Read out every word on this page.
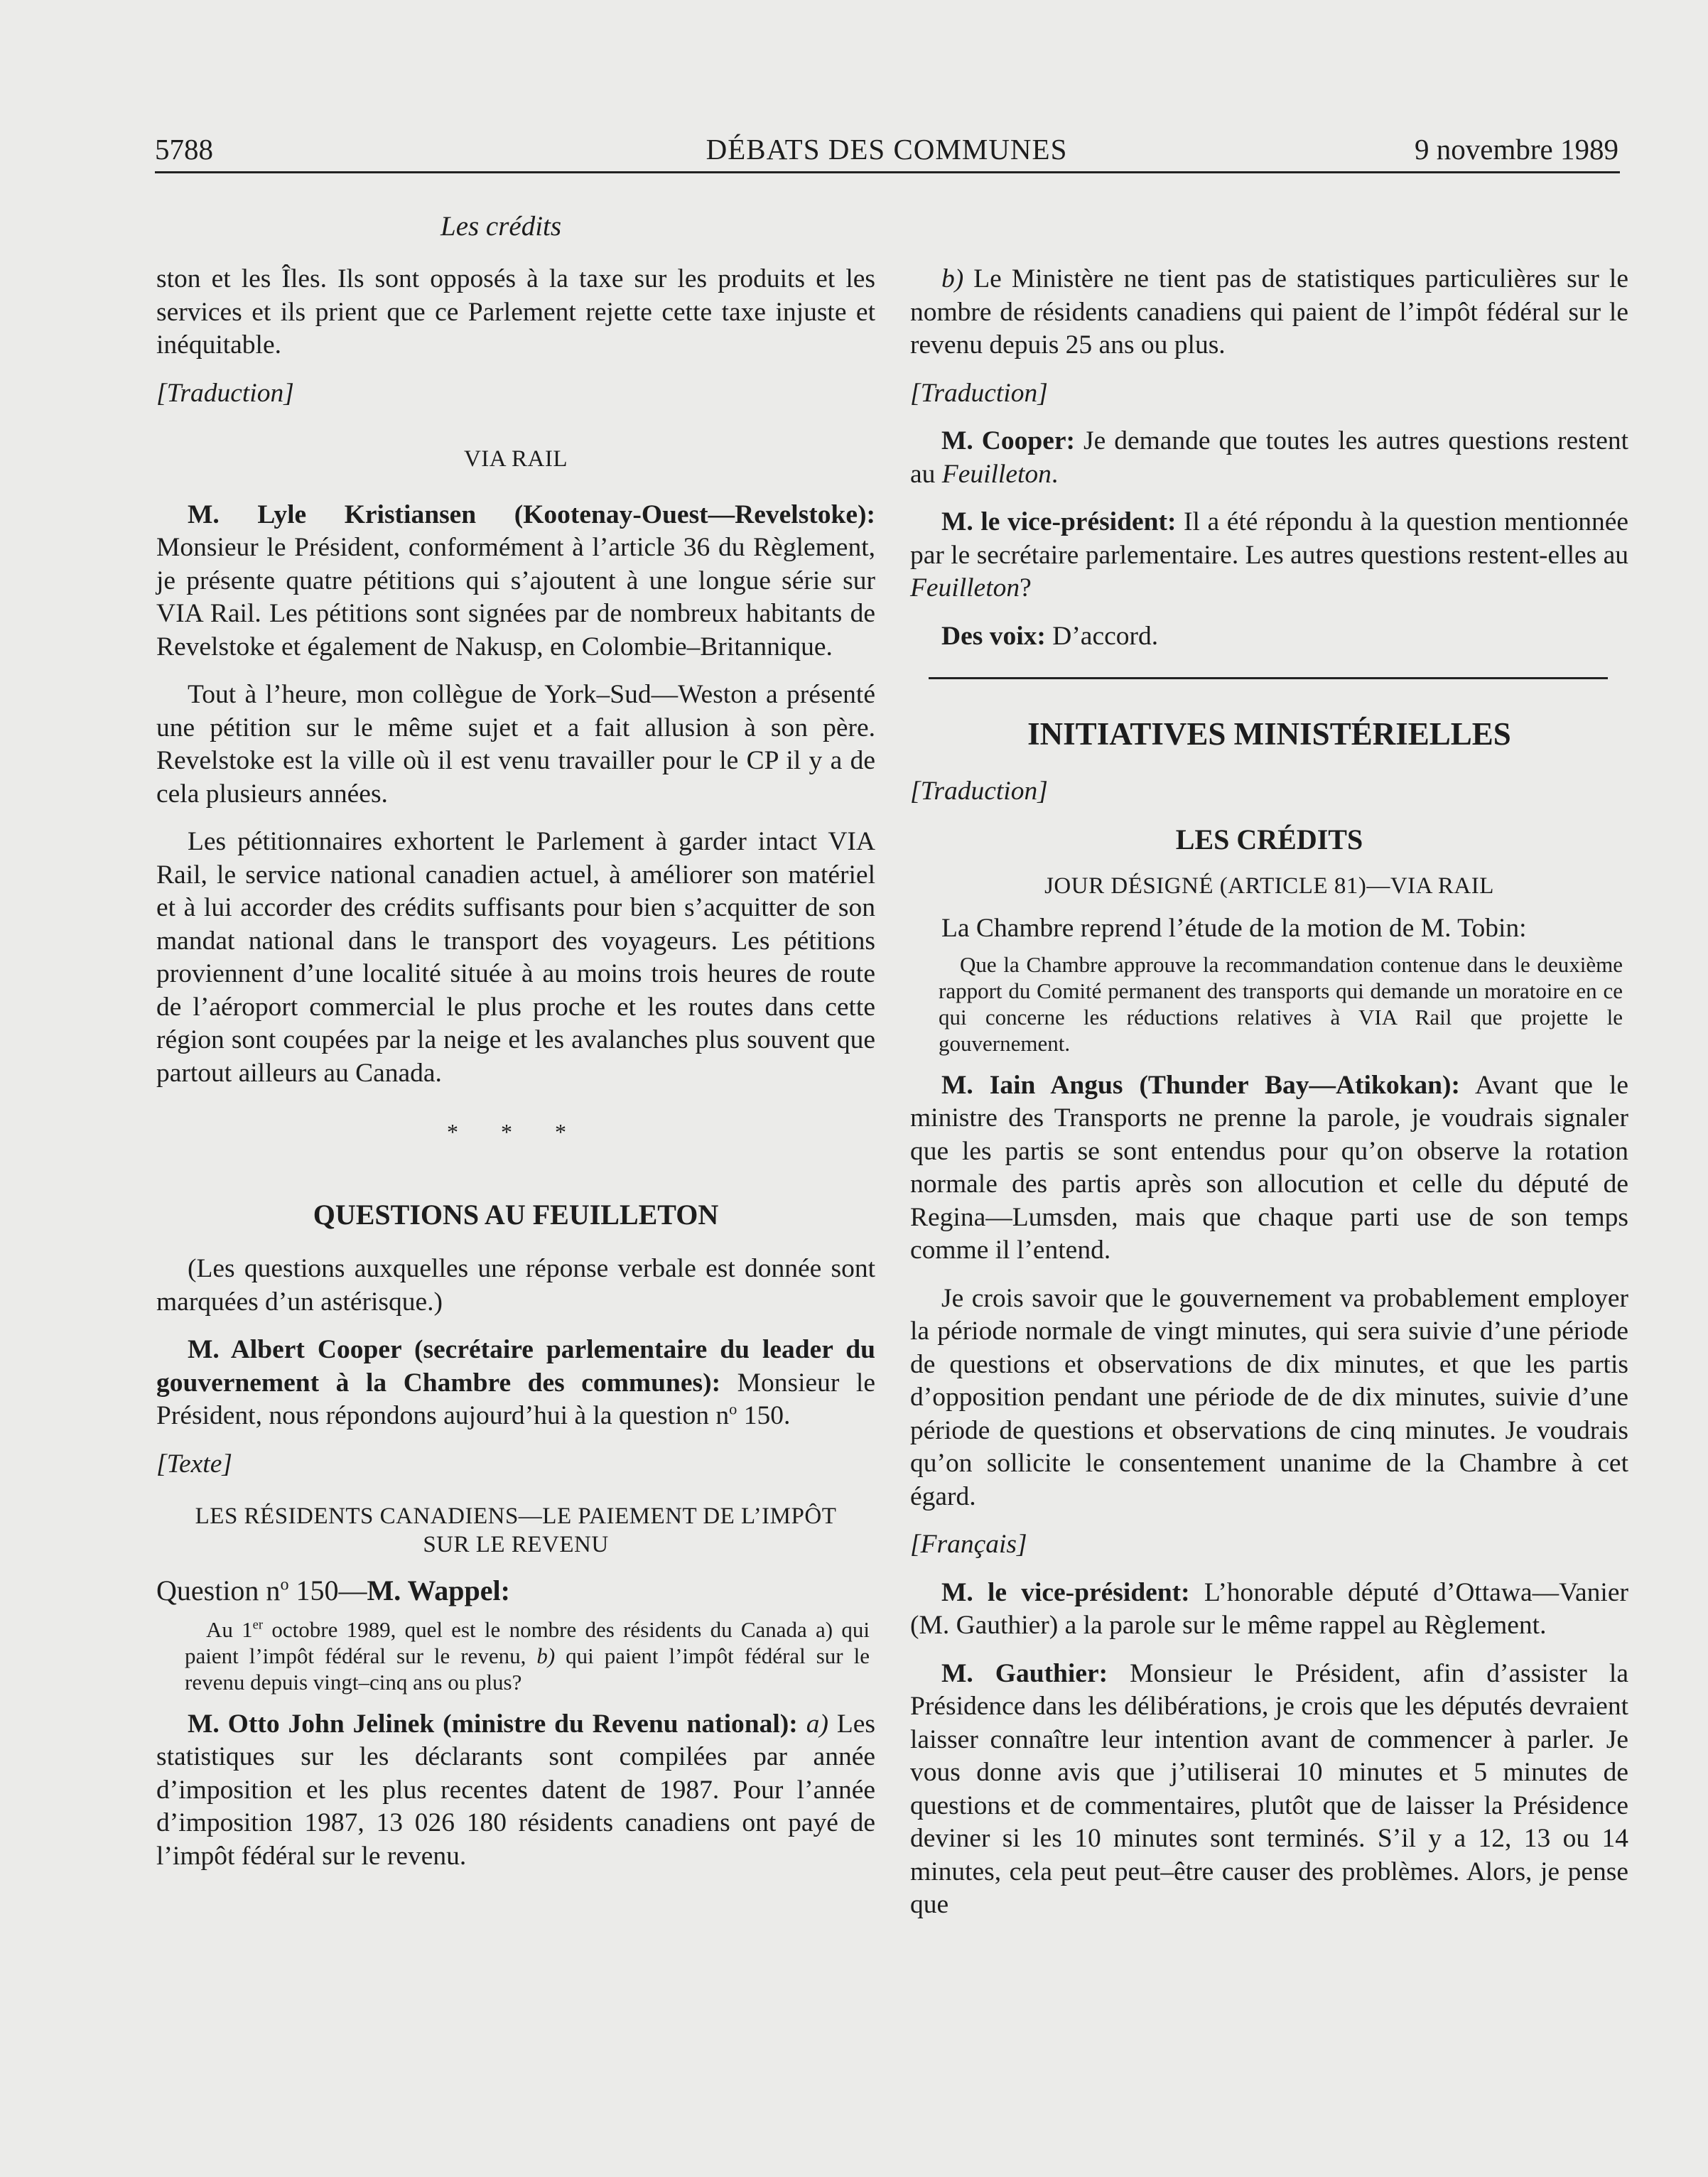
5788	DÉBATS DES COMMUNES	9 novembre 1989
Les crédits

ston et les Îles. Ils sont opposés à la taxe sur les produits et les services et ils prient que ce Parlement rejette cette taxe injuste et inéquitable.

[Traduction]
VIA RAIL

M. Lyle Kristiansen (Kootenay-Ouest—Revelstoke): Monsieur le Président, conformément à l’article 36 du Règlement, je présente quatre pétitions qui s’ajoutent à une longue série sur VIA Rail. Les pétitions sont signées par de nombreux habitants de Revelstoke et également de Nakusp, en Colombie–Britannique.

Tout à l’heure, mon collègue de York–Sud—Weston a présenté une pétition sur le même sujet et a fait allusion à son père. Revelstoke est la ville où il est venu travailler pour le CP il y a de cela plusieurs années.

Les pétitionnaires exhortent le Parlement à garder intact VIA Rail, le service national canadien actuel, à améliorer son matériel et à lui accorder des crédits suffisants pour bien s’acquitter de son mandat national dans le transport des voyageurs. Les pétitions proviennent d’une localité située à au moins trois heures de route de l’aéroport commercial le plus proche et les routes dans cette région sont coupées par la neige et les avalanches plus souvent que partout ailleurs au Canada.

* * *
QUESTIONS AU FEUILLETON

(Les questions auxquelles une réponse verbale est donnée sont marquées d’un astérisque.)

M. Albert Cooper (secrétaire parlementaire du leader du gouvernement à la Chambre des communes): Monsieur le Président, nous répondons aujourd’hui à la question $n^o$ 150.

[Texte]
LES RÉSIDENTS CANADIENS—LE PAIEMENT DE L’IMPÔT
SUR LE REVENU
Question $n^o$ 150—M. Wappel:
Au 1er octobre 1989, quel est le nombre des résidents du Canada a) qui paient l’impôt fédéral sur le revenu, b) qui paient l’impôt fédéral sur le revenu depuis vingt–cinq ans ou plus?

M. Otto John Jelinek (ministre du Revenu national): a) Les statistiques sur les déclarants sont compilées par année d’imposition et les plus recentes datent de 1987. Pour l’année d’imposition 1987, 13 026 180 résidents canadiens ont payé de l’impôt fédéral sur le revenu.

b) Le Ministère ne tient pas de statistiques particulières sur le nombre de résidents canadiens qui paient de l’impôt fédéral sur le revenu depuis 25 ans ou plus.

[Traduction]

M. Cooper: Je demande que toutes les autres questions restent au Feuilleton.

M. le vice-président: Il a été répondu à la question mentionnée par le secrétaire parlementaire. Les autres questions restent-elles au Feuilleton?

Des voix: D’accord.

INITIATIVES MINISTÉRIELLES
[Traduction]
LES CRÉDITS
JOUR DÉSIGNÉ (ARTICLE 81)—VIA RAIL

La Chambre reprend l’étude de la motion de M. Tobin:

Que la Chambre approuve la recommandation contenue dans le deuxième rapport du Comité permanent des transports qui demande un moratoire en ce qui concerne les réductions relatives à VIA Rail que projette le gouvernement.

M. Iain Angus (Thunder Bay—Atikokan): Avant que le ministre des Transports ne prenne la parole, je voudrais signaler que les partis se sont entendus pour qu’on observe la rotation normale des partis après son allocution et celle du député de Regina—Lumsden, mais que chaque parti use de son temps comme il l’entend.

Je crois savoir que le gouvernement va probablement employer la période normale de vingt minutes, qui sera suivie d’une période de questions et observations de dix minutes, et que les partis d’opposition pendant une période de de dix minutes, suivie d’une période de questions et observations de cinq minutes. Je voudrais qu’on sollicite le consentement unanime de la Chambre à cet égard.

[Français]

M. le vice-président: L’honorable député d’Ottawa—Vanier (M. Gauthier) a la parole sur le même rappel au Règlement.

M. Gauthier: Monsieur le Président, afin d’assister la Présidence dans les délibérations, je crois que les députés devraient laisser connaître leur intention avant de commencer à parler. Je vous donne avis que j’utiliserai 10 minutes et 5 minutes de questions et de commentaires, plutôt que de laisser la Présidence deviner si les 10 minutes sont terminés. S’il y a 12, 13 ou 14 minutes, cela peut peut–être causer des problèmes. Alors, je pense que
